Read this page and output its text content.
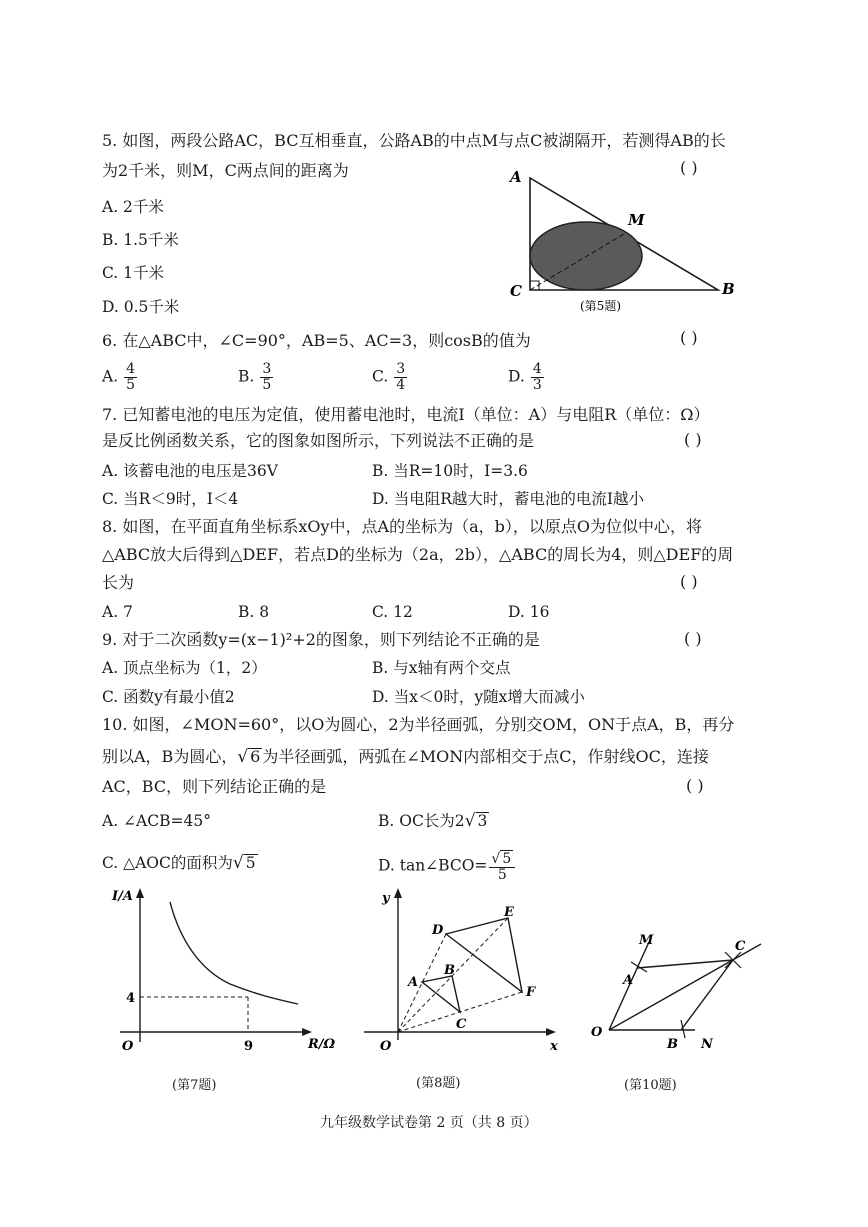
5. 如图，两段公路AC，BC互相垂直，公路AB的中点M与点C被湖隔开，若测得AB的长
为2千米，则M，C两点间的距离为	( )
A. 2千米
B. 1.5千米
C. 1千米
D. 0.5千米
A
M
C	B
(第5题)
6. 在△ABC中，∠C=90°，AB=5、AC=3，则cosB的值为	( )
A. $\frac{4}{5}$	B. $\frac{3}{5}$	C. $\frac{3}{4}$	D. $\frac{4}{3}$
7. 已知蓄电池的电压为定值，使用蓄电池时，电流I（单位：A）与电阻R（单位：Ω）
是反比例函数关系，它的图象如图所示，下列说法不正确的是	( )
A. 该蓄电池的电压是36V	B. 当R=10时，I=3.6
C. 当R＜9时，I＜4	D. 当电阻R越大时，蓄电池的电流I越小
8. 如图，在平面直角坐标系xOy中，点A的坐标为（a，b），以原点O为位似中心，将
△ABC放大后得到△DEF，若点D的坐标为（2a，2b），△ABC的周长为4，则△DEF的周
长为	( )
A. 7	B. 8	C. 12	D. 16
9. 对于二次函数y=(x−1)²+2的图象，则下列结论不正确的是	( )
A. 顶点坐标为（1，2）	B. 与x轴有两个交点
C. 函数y有最小值2	D. 当x＜0时，y随x增大而减小
10. 如图，∠MON=60°，以O为圆心，2为半径画弧，分别交OM，ON于点A，B，再分
别以A，B为圆心，√ 6 为半径画弧，两弧在∠MON内部相交于点C，作射线OC，连接
AC，BC，则下列结论正确的是	( )
A. ∠ACB=45°	B. OC长为2√ 3
C. △AOC的面积为√ 5	D. tan∠BCO= $\frac{√ 5}{5}$
I/A
R/Ω
O
4
9
(第7题)
y
x
O
D
E
A
B
F
C
(第8题)
M	C
A
O
B N
(第10题)
九年级数学试卷第 2 页（共 8 页）
